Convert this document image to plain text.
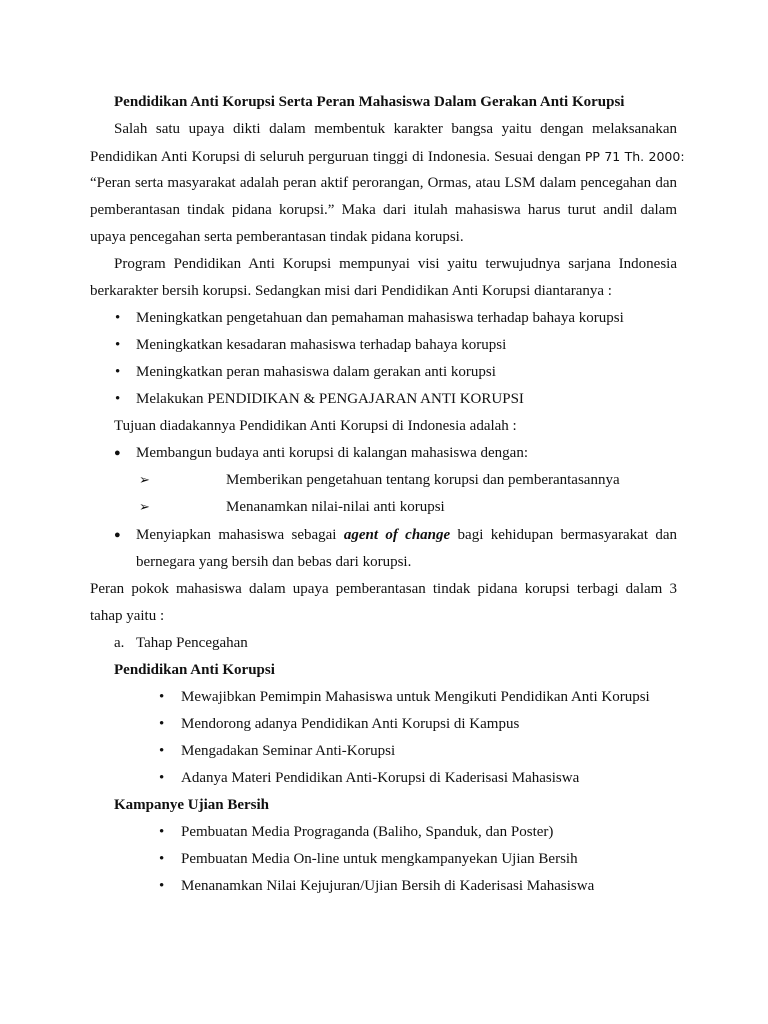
Pendidikan Anti Korupsi Serta Peran Mahasiswa Dalam Gerakan Anti Korupsi
Salah satu upaya dikti dalam membentuk karakter bangsa yaitu dengan melaksanakan
Pendidikan Anti Korupsi di seluruh perguruan tinggi di Indonesia. Sesuai dengan PP 71 Th. 2000:
“Peran serta masyarakat adalah peran aktif perorangan, Ormas, atau LSM dalam pencegahan dan
pemberantasan tindak pidana korupsi.” Maka dari itulah mahasiswa harus turut andil dalam
upaya pencegahan serta pemberantasan tindak pidana korupsi.
Program Pendidikan Anti Korupsi mempunyai visi yaitu terwujudnya sarjana Indonesia
berkarakter bersih korupsi. Sedangkan misi dari Pendidikan Anti Korupsi diantaranya :
• Meningkatkan pengetahuan dan pemahaman mahasiswa terhadap bahaya korupsi
• Meningkatkan kesadaran mahasiswa terhadap bahaya korupsi
• Meningkatkan peran mahasiswa dalam gerakan anti korupsi
• Melakukan PENDIDIKAN & PENGAJARAN ANTI KORUPSI
Tujuan diadakannya Pendidikan Anti Korupsi di Indonesia adalah :
● Membangun budaya anti korupsi di kalangan mahasiswa dengan:
➢	Memberikan pengetahuan tentang korupsi dan pemberantasannya
➢	Menanamkan nilai-nilai anti korupsi
● Menyiapkan mahasiswa sebagai agent of change bagi kehidupan bermasyarakat dan
bernegara yang bersih dan bebas dari korupsi.
Peran pokok mahasiswa dalam upaya pemberantasan tindak pidana korupsi terbagi dalam 3
tahap yaitu :
a. Tahap Pencegahan
Pendidikan Anti Korupsi
• Mewajibkan Pemimpin Mahasiswa untuk Mengikuti Pendidikan Anti Korupsi
• Mendorong adanya Pendidikan Anti Korupsi di Kampus
• Mengadakan Seminar Anti-Korupsi
• Adanya Materi Pendidikan Anti-Korupsi di Kaderisasi Mahasiswa
Kampanye Ujian Bersih
• Pembuatan Media Prograganda (Baliho, Spanduk, dan Poster)
• Pembuatan Media On-line untuk mengkampanyekan Ujian Bersih
• Menanamkan Nilai Kejujuran/Ujian Bersih di Kaderisasi Mahasiswa
